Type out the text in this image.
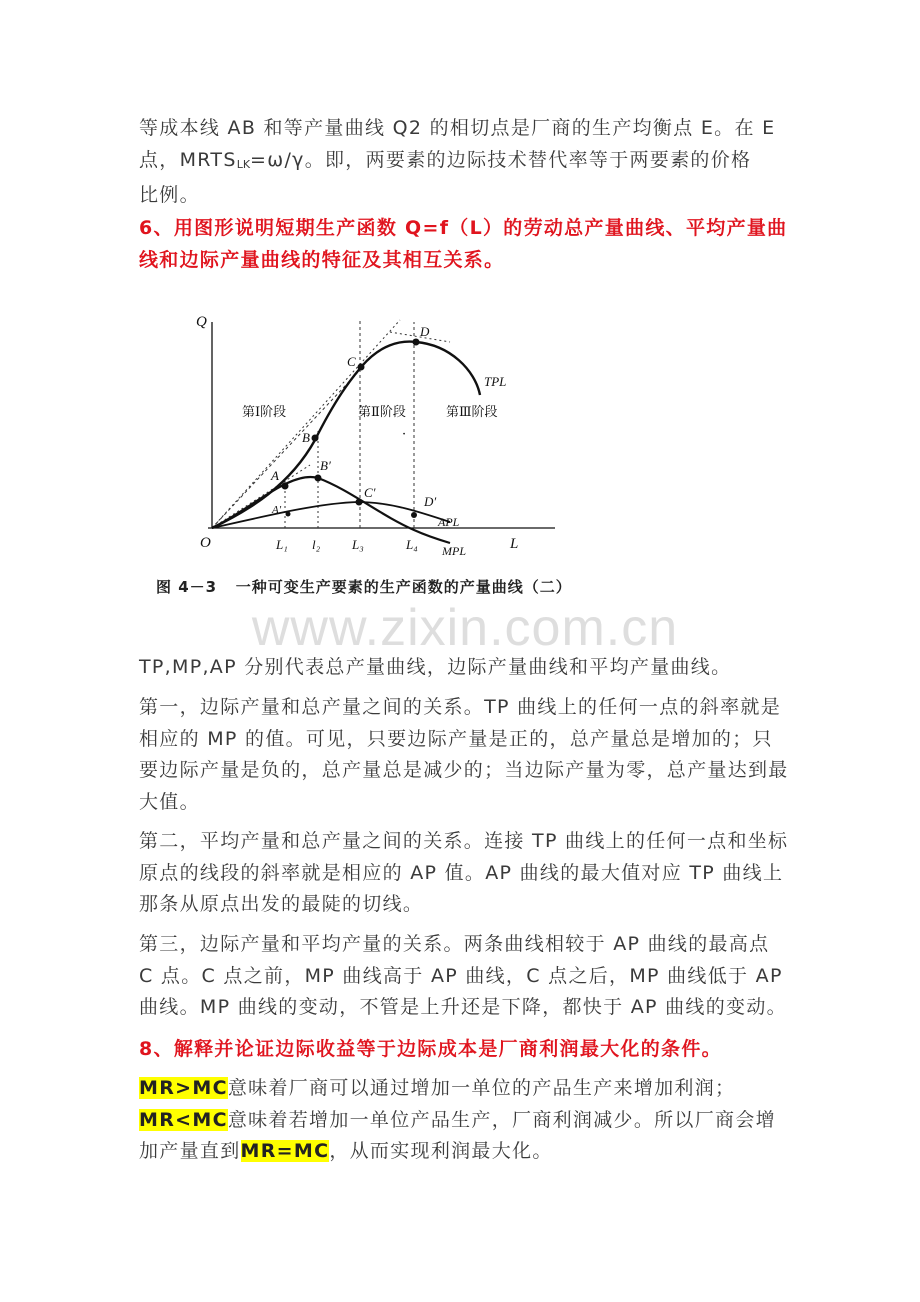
等成本线 AB 和等产量曲线 Q2 的相切点是厂商的生产均衡点 E。在 E
点，$MRTS_{LK}=\omega/\gamma$。即，两要素的边际技术替代率等于两要素的价格
比例。

6、用图形说明短期生产函数 Q=f（L）的劳动总产量曲线、平均产量曲线和边际产量曲线的特征及其相互关系。

Q
L
O
A
B
C
D
B′
C′
D′
A′
L₁ l₂ L₃	L₄
TPL
APL
MPL
第Ⅰ阶段	第Ⅱ阶段	第Ⅲ阶段
·
图 4－3   一种可变生产要素的生产函数的产量曲线（二）
www.zixin.com.cn

TP,MP,AP 分别代表总产量曲线，边际产量曲线和平均产量曲线。

第一，边际产量和总产量之间的关系。TP 曲线上的任何一点的斜率就是相应的 MP 的值。可见，只要边际产量是正的，总产量总是增加的；只要边际产量是负的，总产量总是减少的；当边际产量为零，总产量达到最大值。

第二，平均产量和总产量之间的关系。连接 TP 曲线上的任何一点和坐标原点的线段的斜率就是相应的 AP 值。AP 曲线的最大值对应 TP 曲线上那条从原点出发的最陡的切线。

第三，边际产量和平均产量的关系。两条曲线相较于 AP 曲线的最高点 C 点。C 点之前，MP 曲线高于 AP 曲线，C 点之后，MP 曲线低于 AP 曲线。MP 曲线的变动，不管是上升还是下降，都快于 AP 曲线的变动。

8、解释并论证边际收益等于边际成本是厂商利润最大化的条件。

MR>MC意味着厂商可以通过增加一单位的产品生产来增加利润；
MR<MC意味着若增加一单位产品生产，厂商利润减少。所以厂商会增加产量直到MR=MC，从而实现利润最大化。
